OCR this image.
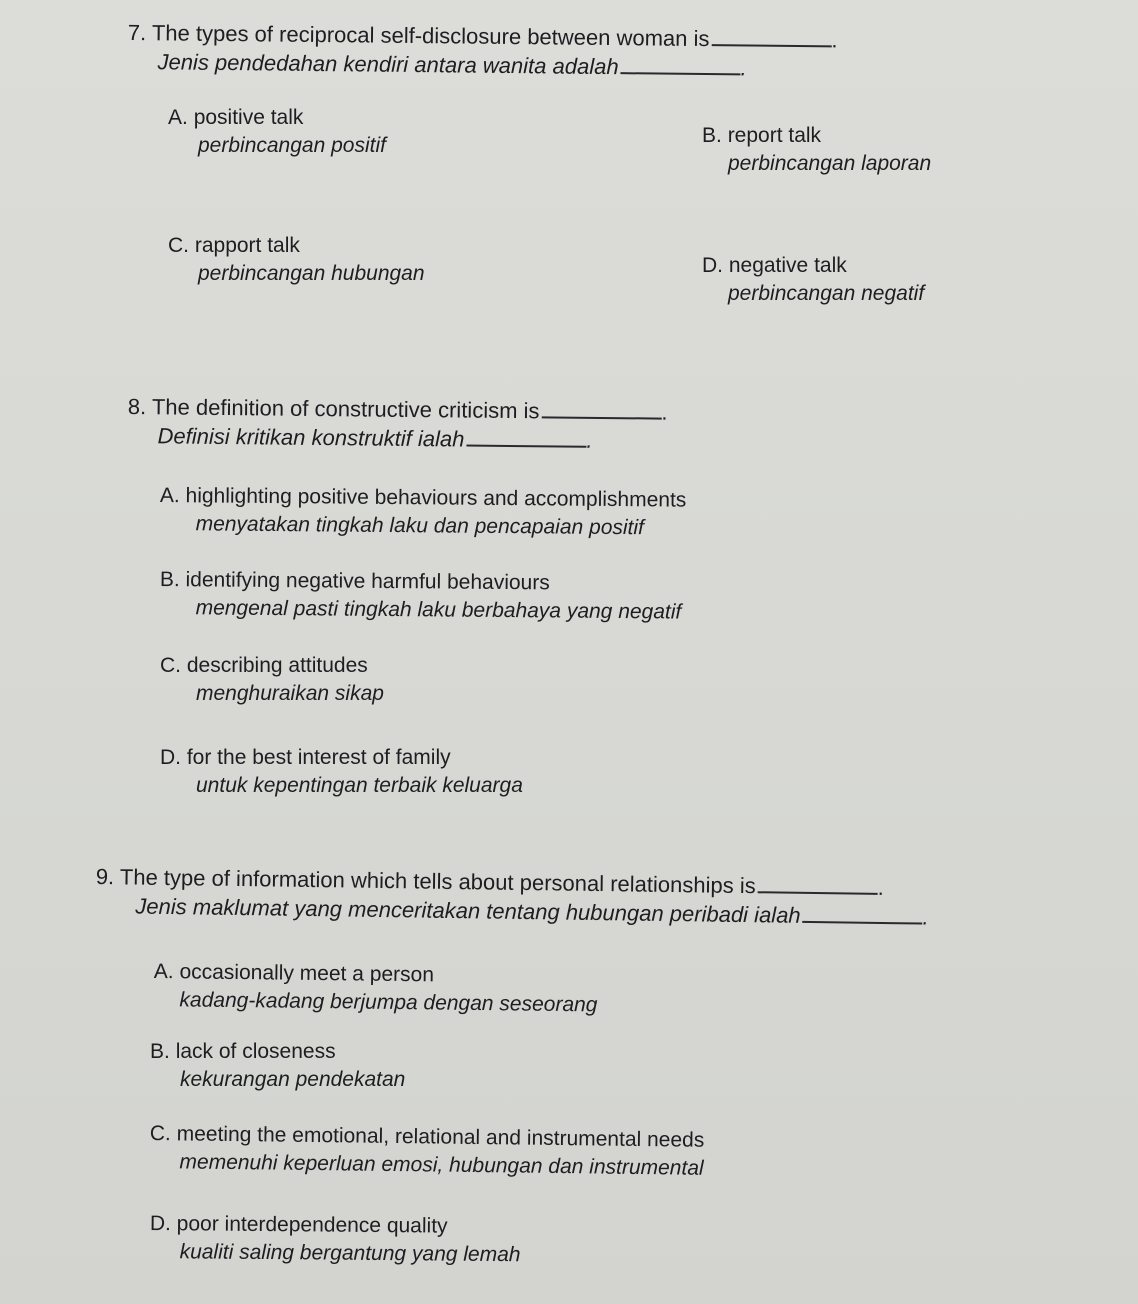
7. The types of reciprocal self-disclosure between woman is	.
Jenis pendedahan kendiri antara wanita adalah	.
A. positive talk
perbincangan positif	B. report talk
perbincangan laporan
C. rapport talk
perbincangan hubungan	D. negative talk
perbincangan negatif
8. The definition of constructive criticism is	.
Definisi kritikan konstruktif ialah	.
A. highlighting positive behaviours and accomplishments
menyatakan tingkah laku dan pencapaian positif
B. identifying negative harmful behaviours
mengenal pasti tingkah laku berbahaya yang negatif
C. describing attitudes
menghuraikan sikap
D. for the best interest of family
untuk kepentingan terbaik keluarga
9. The type of information which tells about personal relationships is	.
Jenis maklumat yang menceritakan tentang hubungan peribadi ialah	.
A. occasionally meet a person
kadang-kadang berjumpa dengan seseorang
B. lack of closeness
kekurangan pendekatan
C. meeting the emotional, relational and instrumental needs
memenuhi keperluan emosi, hubungan dan instrumental
D. poor interdependence quality
kualiti saling bergantung yang lemah
